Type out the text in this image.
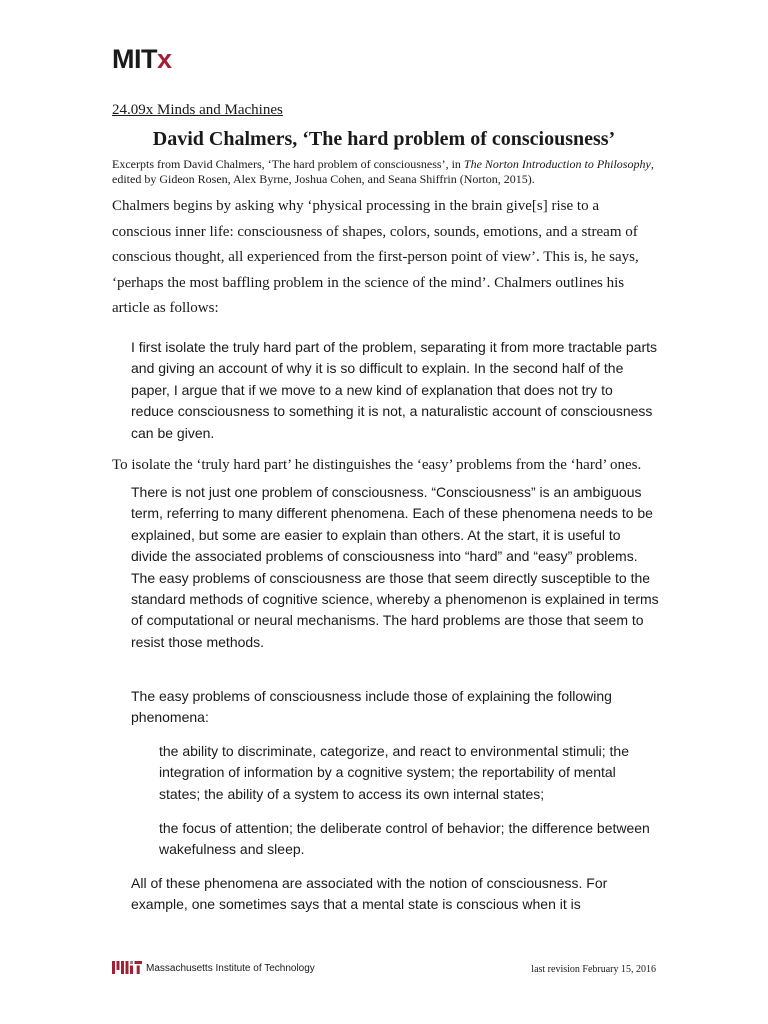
MITx
24.09x Minds and Machines
David Chalmers, ‘The hard problem of consciousness’
Excerpts from David Chalmers, ‘The hard problem of consciousness’, in The Norton Introduction to Philosophy, edited by Gideon Rosen, Alex Byrne, Joshua Cohen, and Seana Shiffrin (Norton, 2015).

Chalmers begins by asking why ‘physical processing in the brain give[s] rise to a conscious inner life: consciousness of shapes, colors, sounds, emotions, and a stream of conscious thought, all experienced from the first-person point of view’. This is, he says, ‘perhaps the most baffling problem in the science of the mind’. Chalmers outlines his article as follows:

I first isolate the truly hard part of the problem, separating it from more tractable parts and giving an account of why it is so difficult to explain. In the second half of the paper, I argue that if we move to a new kind of explanation that does not try to reduce consciousness to something it is not, a naturalistic account of consciousness can be given.

To isolate the ‘truly hard part’ he distinguishes the ‘easy’ problems from the ‘hard’ ones.

There is not just one problem of consciousness. “Consciousness” is an ambiguous term, referring to many different phenomena. Each of these phenomena needs to be explained, but some are easier to explain than others. At the start, it is useful to divide the associated problems of consciousness into “hard” and “easy” problems. The easy problems of consciousness are those that seem directly susceptible to the standard methods of cognitive science, whereby a phenomenon is explained in terms of computational or neural mechanisms. The hard problems are those that seem to resist those methods.

The easy problems of consciousness include those of explaining the following phenomena:

the ability to discriminate, categorize, and react to environmental stimuli; the integration of information by a cognitive system; the reportability of mental states; the ability of a system to access its own internal states;

the focus of attention; the deliberate control of behavior; the difference between wakefulness and sleep.

All of these phenomena are associated with the notion of consciousness. For example, one sometimes says that a mental state is conscious when it is

Massachusetts Institute of Technology	last revision February 15, 2016
